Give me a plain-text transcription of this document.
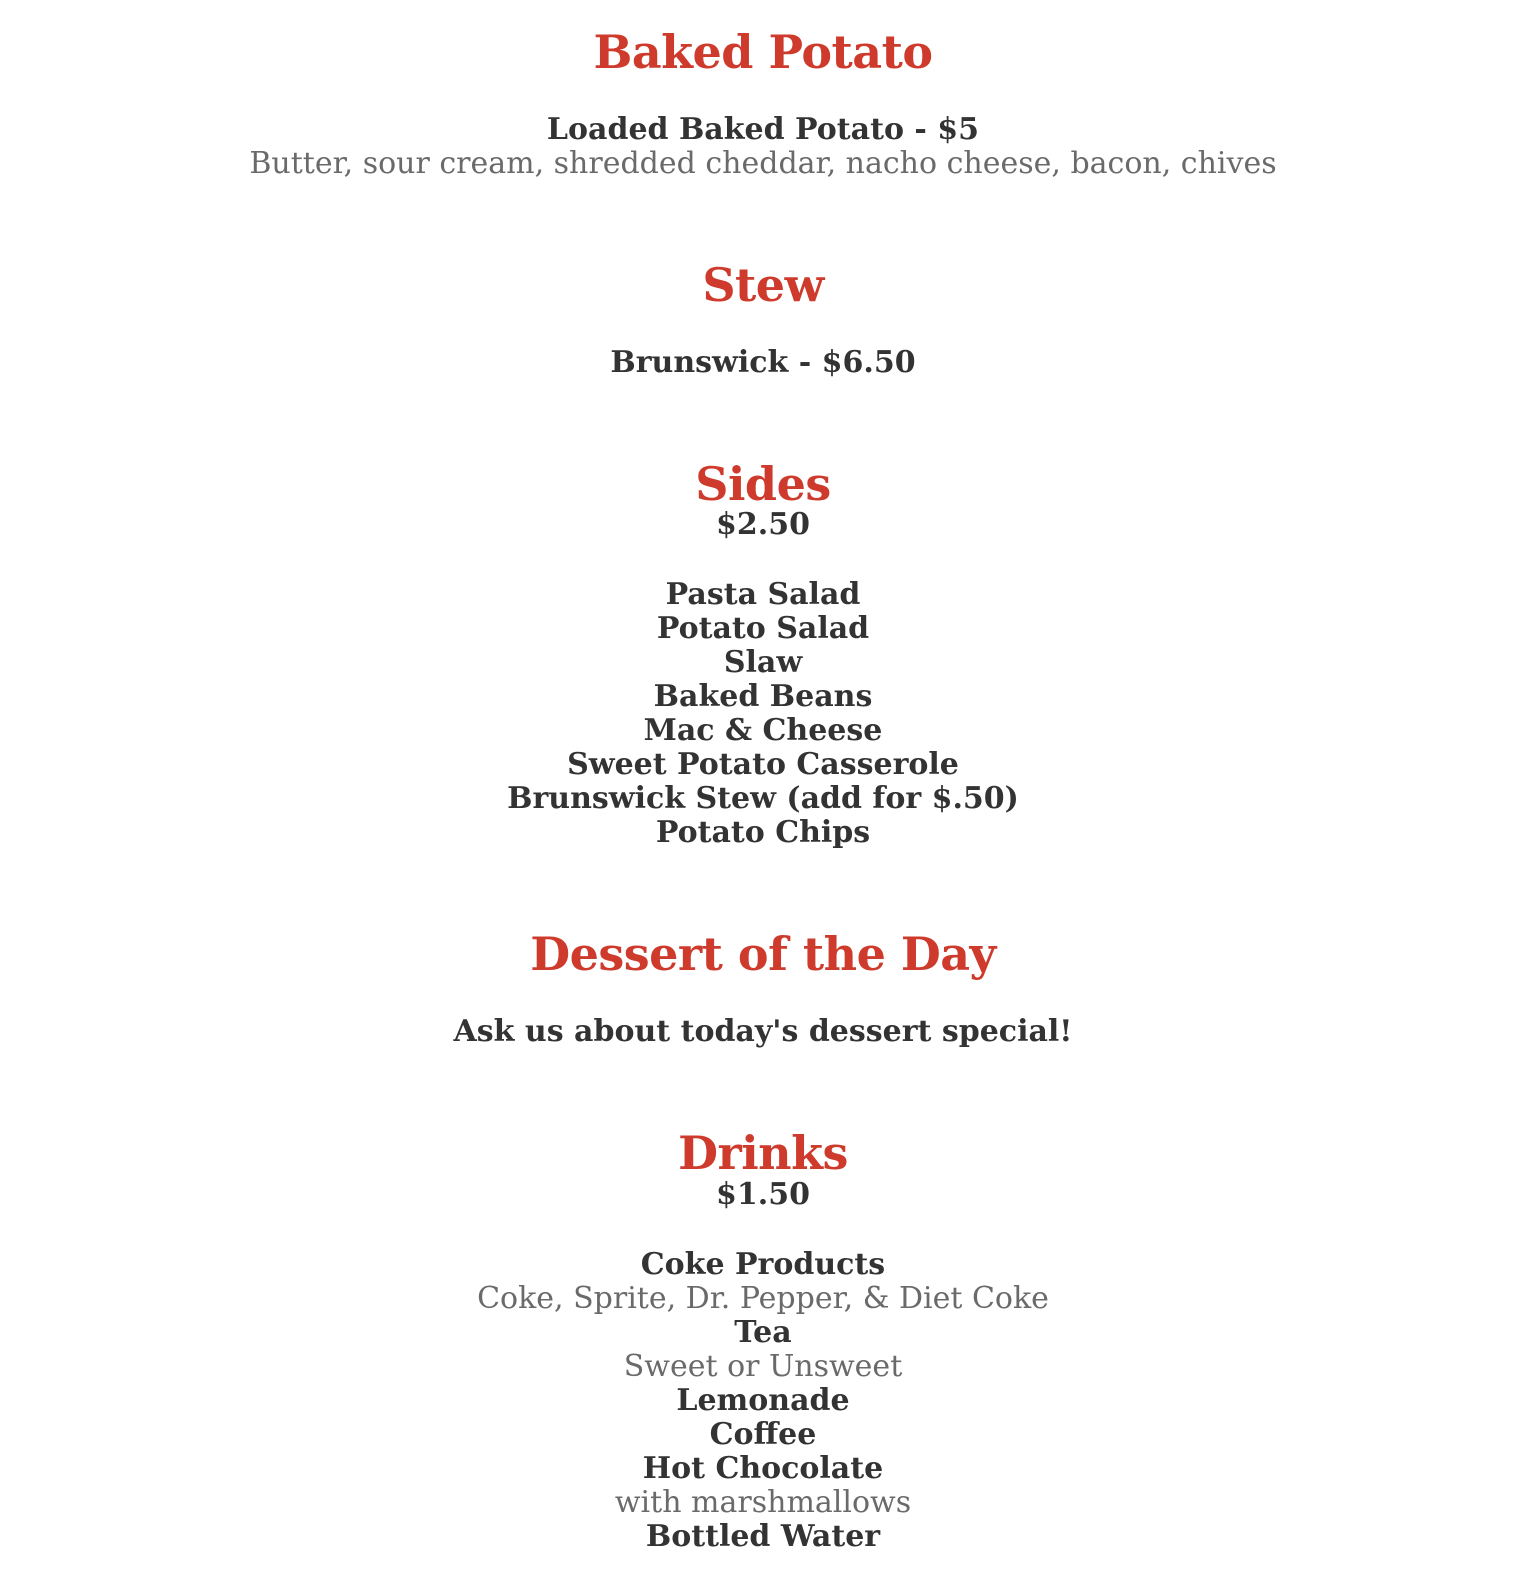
Baked Potato
Loaded Baked Potato - $5
Butter, sour cream, shredded cheddar, nacho cheese, bacon, chives
Stew
Brunswick - $6.50
Sides
$2.50
Pasta Salad
Potato Salad
Slaw
Baked Beans
Mac & Cheese
Sweet Potato Casserole
Brunswick Stew (add for $.50)
Potato Chips
Dessert of the Day
Ask us about today's dessert special!
Drinks
$1.50
Coke Products
Coke, Sprite, Dr. Pepper, & Diet Coke
Tea
Sweet or Unsweet
Lemonade
Coffee
Hot Chocolate
with marshmallows
Bottled Water
